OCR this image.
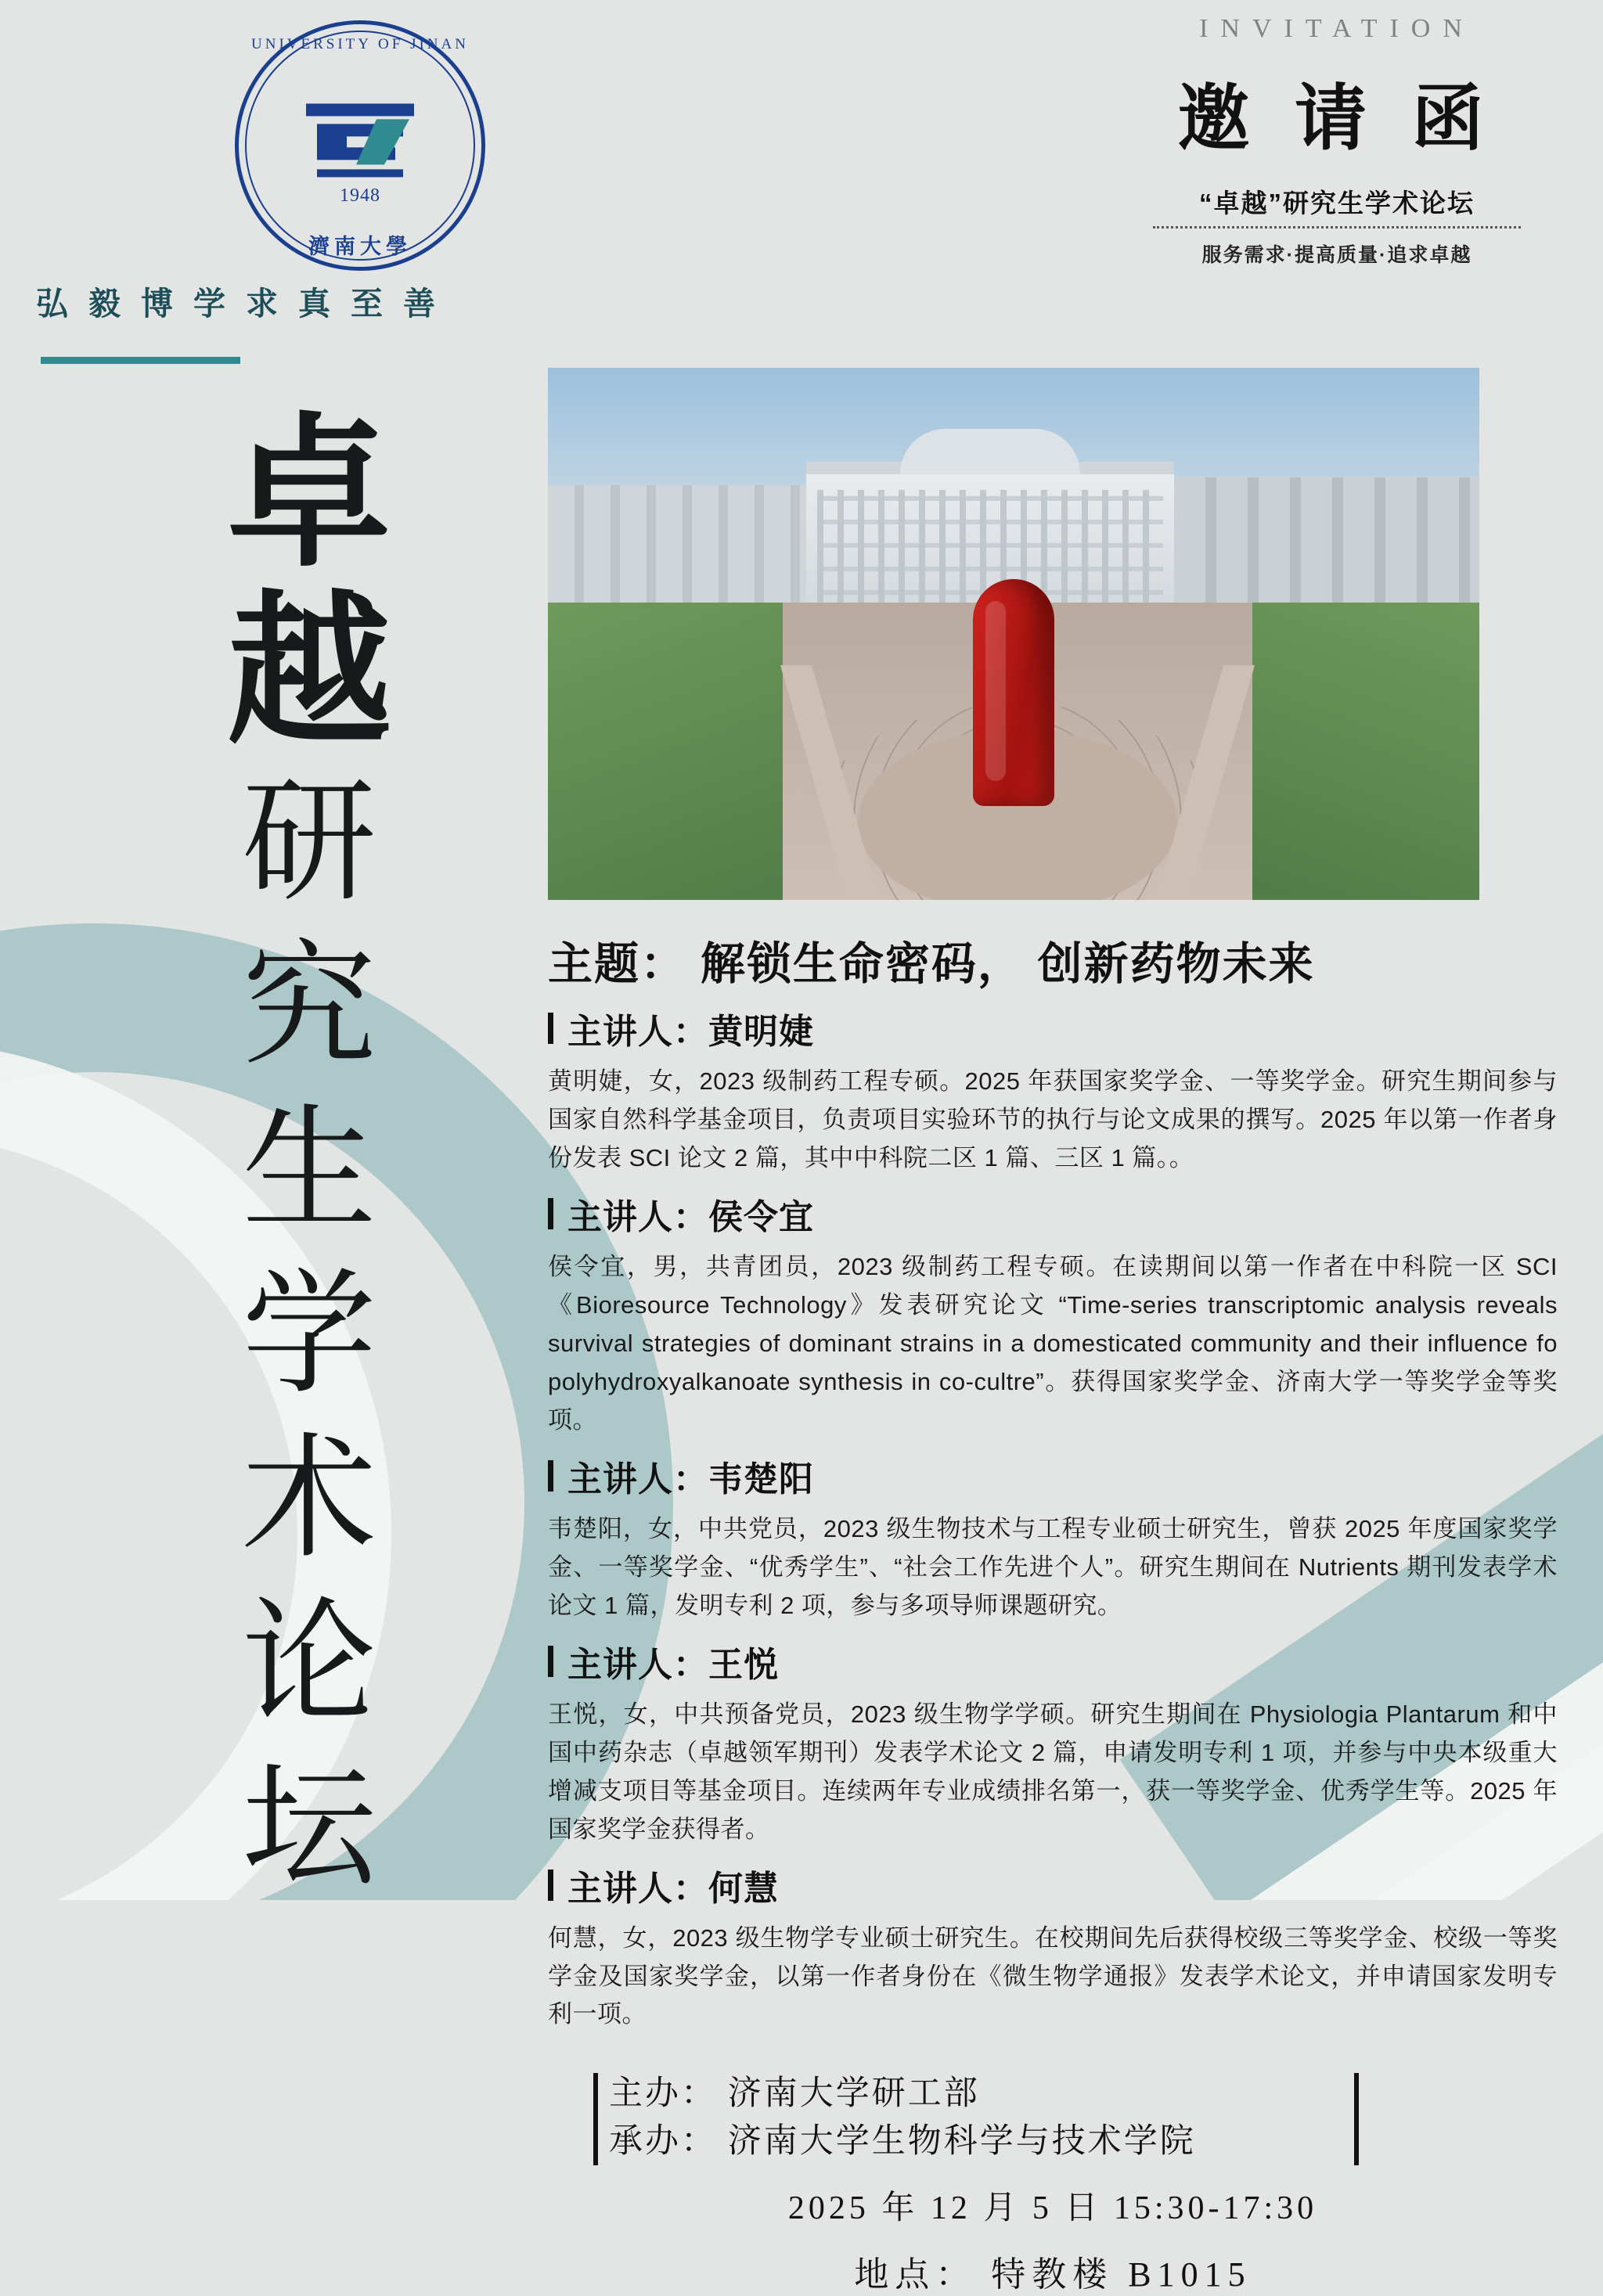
UNIVERSITY OF JINAN
1948
濟南大學
弘毅博学求真至善
INVITATION
邀 请 函
“卓越”研究生学术论坛
服务需求·提高质量·追求卓越
卓
越
研
究
生
学
术
论
坛
主题： 解锁生命密码， 创新药物未来
主讲人： 黄明婕
黄明婕，女，2023 级制药工程专硕。2025 年获国家奖学金、一等奖学金。研究生期间参与国家自然科学基金项目，负责项目实验环节的执行与论文成果的撰写。2025 年以第一作者身份发表 SCI 论文 2 篇，其中中科院二区 1 篇、三区 1 篇。。
主讲人： 侯令宜
侯令宜，男，共青团员，2023 级制药工程专硕。在读期间以第一作者在中科院一区 SCI《Bioresource Technology》发表研究论文 “Time-series transcriptomic analysis reveals survival strategies of dominant strains in a domesticated community and their influence fo polyhydroxyalkanoate synthesis in co-cultre”。获得国家奖学金、济南大学一等奖学金等奖项。
主讲人： 韦楚阳
韦楚阳，女，中共党员，2023 级生物技术与工程专业硕士研究生，曾获 2025 年度国家奖学金、一等奖学金、“优秀学生”、“社会工作先进个人”。研究生期间在 Nutrients 期刊发表学术论文 1 篇，发明专利 2 项，参与多项导师课题研究。
主讲人： 王悦
王悦，女，中共预备党员，2023 级生物学学硕。研究生期间在 Physiologia Plantarum 和中国中药杂志（卓越领军期刊）发表学术论文 2 篇，申请发明专利 1 项，并参与中央本级重大增减支项目等基金项目。连续两年专业成绩排名第一，获一等奖学金、优秀学生等。2025 年国家奖学金获得者。
主讲人： 何慧
何慧，女，2023 级生物学专业硕士研究生。在校期间先后获得校级三等奖学金、校级一等奖学金及国家奖学金，以第一作者身份在《微生物学通报》发表学术论文，并申请国家发明专利一项。
主办： 济南大学研工部
承办： 济南大学生物科学与技术学院
2025 年 12 月 5 日 15:30-17:30
地点： 特教楼 B1015
